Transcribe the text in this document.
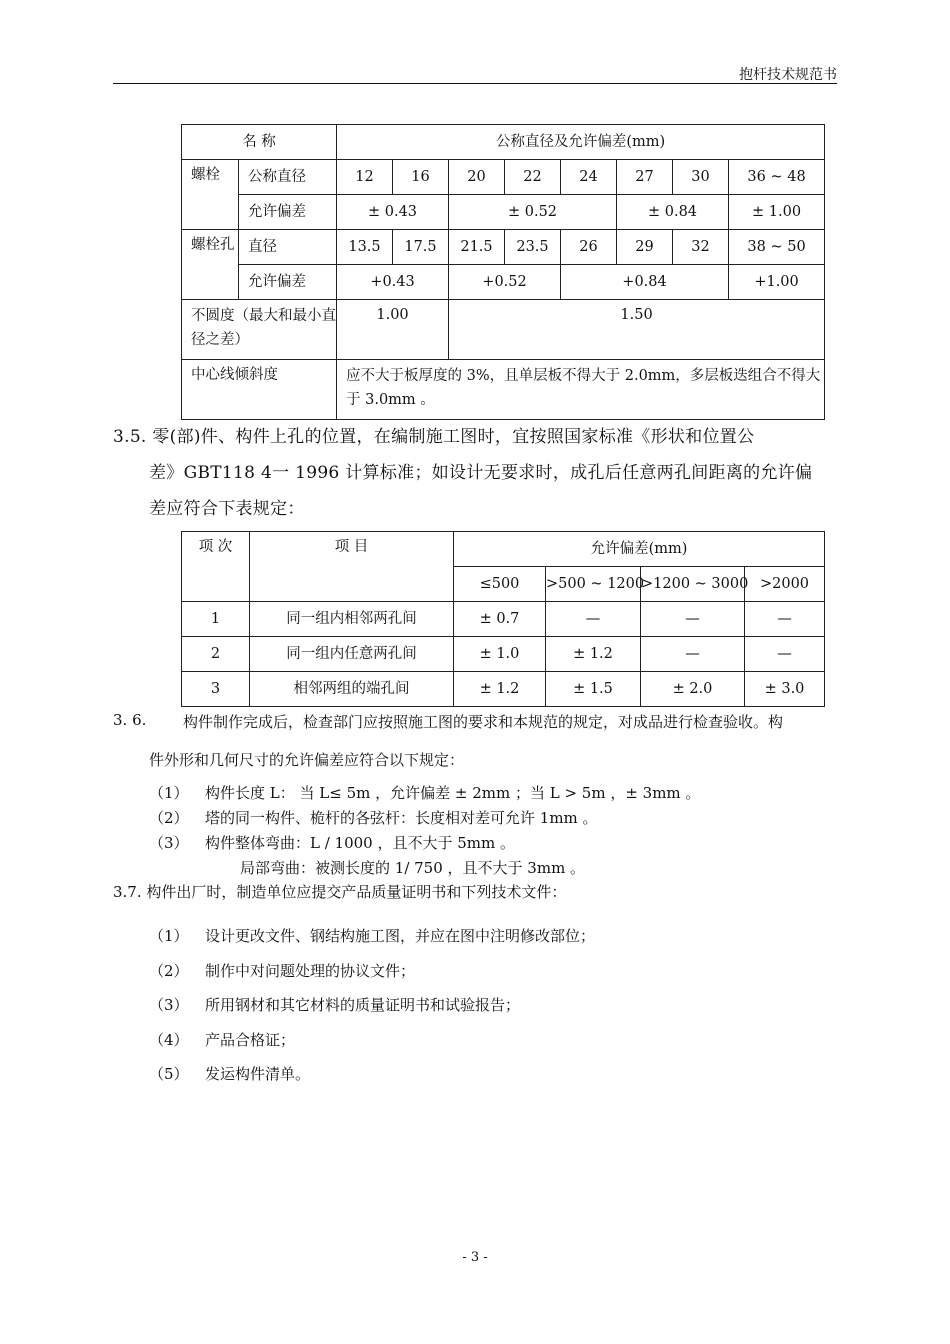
抱杆技术规范书
名 称		公称直径及允许偏差(mm)							
螺栓	公称直径	12	16	20	22	24	27	30	36 ~ 48
	允许偏差	± 0.43		± 0.52			± 0.84		± 1.00
螺栓孔	直径	13.5	17.5	21.5	23.5	26	29	32	38 ~ 50
	允许偏差	+0.43		+0.52		+0.84			+1.00
不圆度（最大和最小直径之差）		1.00		1.50					
中心线倾斜度		应不大于板厚度的 3%，且单层板不得大于 2.0mm，多层板迭组合不得大于 3.0mm 。							
3.5. 零(部)件、构件上孔的位置，在编制施工图时，宜按照国家标准《形状和位置公
差》GBT118 4一 1996 计算标准；如设计无要求时，成孔后任意两孔间距离的允许偏
差应符合下表规定：
项 次	项 目	允许偏差(mm)			
		≤500	>500 ~ 1200	>1200 ~ 3000	>2000
1	同一组内相邻两孔间	± 0.7	—	—	—
2	同一组内任意两孔间	± 1.0	± 1.2	—	—
3	相邻两组的端孔间	± 1.2	± 1.5	± 2.0	± 3.0
3. 6. 构件制作完成后，检查部门应按照施工图的要求和本规范的规定，对成品进行检查验收。构
件外形和几何尺寸的允许偏差应符合以下规定：
（1） 构件长度 L： 当 L≤ 5m ，允许偏差 ± 2mm ；当 L > 5m ，± 3mm 。
（2） 塔的同一构件、桅杆的各弦杆：长度相对差可允许 1mm 。
（3） 构件整体弯曲：L / 1000 ，且不大于 5mm 。
局部弯曲：被测长度的 1/ 750 ，且不大于 3mm 。
3.7. 构件出厂时，制造单位应提交产品质量证明书和下列技术文件：
（1） 设计更改文件、钢结构施工图，并应在图中注明修改部位；
（2） 制作中对问题处理的协议文件；
（3） 所用钢材和其它材料的质量证明书和试验报告；
（4） 产品合格证；
（5） 发运构件清单。
- 3 -
